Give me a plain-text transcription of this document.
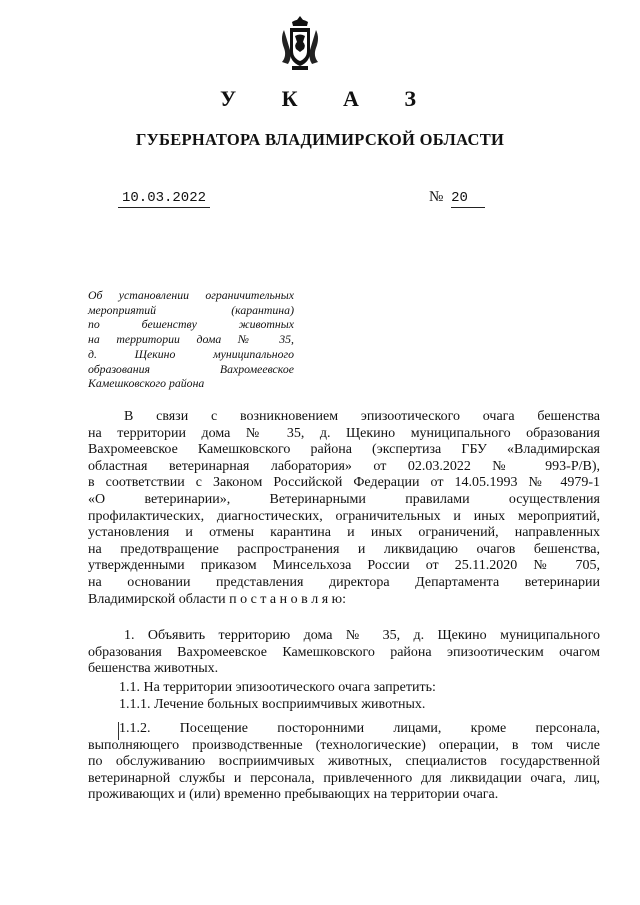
У К А З
ГУБЕРНАТОРА ВЛАДИМИРСКОЙ ОБЛАСТИ
10.03.2022	№ 20
Об установлении ограничительных
мероприятий (карантина)
по бешенству животных
на территории дома № 35,
д. Щекино муниципального
образования Вахромеевское
Камешковского района
В связи с возникновением эпизоотического очага бешенства
на территории дома № 35, д. Щекино муниципального образования
Вахромеевское Камешковского района (экспертиза ГБУ «Владимирская
областная ветеринарная лаборатория» от 02.03.2022 № 993-Р/В),
в соответствии с Законом Российской Федерации от 14.05.1993 № 4979-1
«О ветеринарии», Ветеринарными правилами осуществления
профилактических, диагностических, ограничительных и иных мероприятий,
установления и отмены карантина и иных ограничений, направленных
на предотвращение распространения и ликвидацию очагов бешенства,
утвержденными приказом Минсельхоза России от 25.11.2020 № 705,
на основании представления директора Департамента ветеринарии
Владимирской области п о с т а н о в л я ю:
1. Объявить территорию дома № 35, д. Щекино муниципального
образования Вахромеевское Камешковского района эпизоотическим очагом
бешенства животных.
1.1. На территории эпизоотического очага запретить:
1.1.1. Лечение больных восприимчивых животных.
1.1.2. Посещение посторонними лицами, кроме персонала,
выполняющего производственные (технологические) операции, в том числе
по обслуживанию восприимчивых животных, специалистов государственной
ветеринарной службы и персонала, привлеченного для ликвидации очага, лиц,
проживающих и (или) временно пребывающих на территории очага.
